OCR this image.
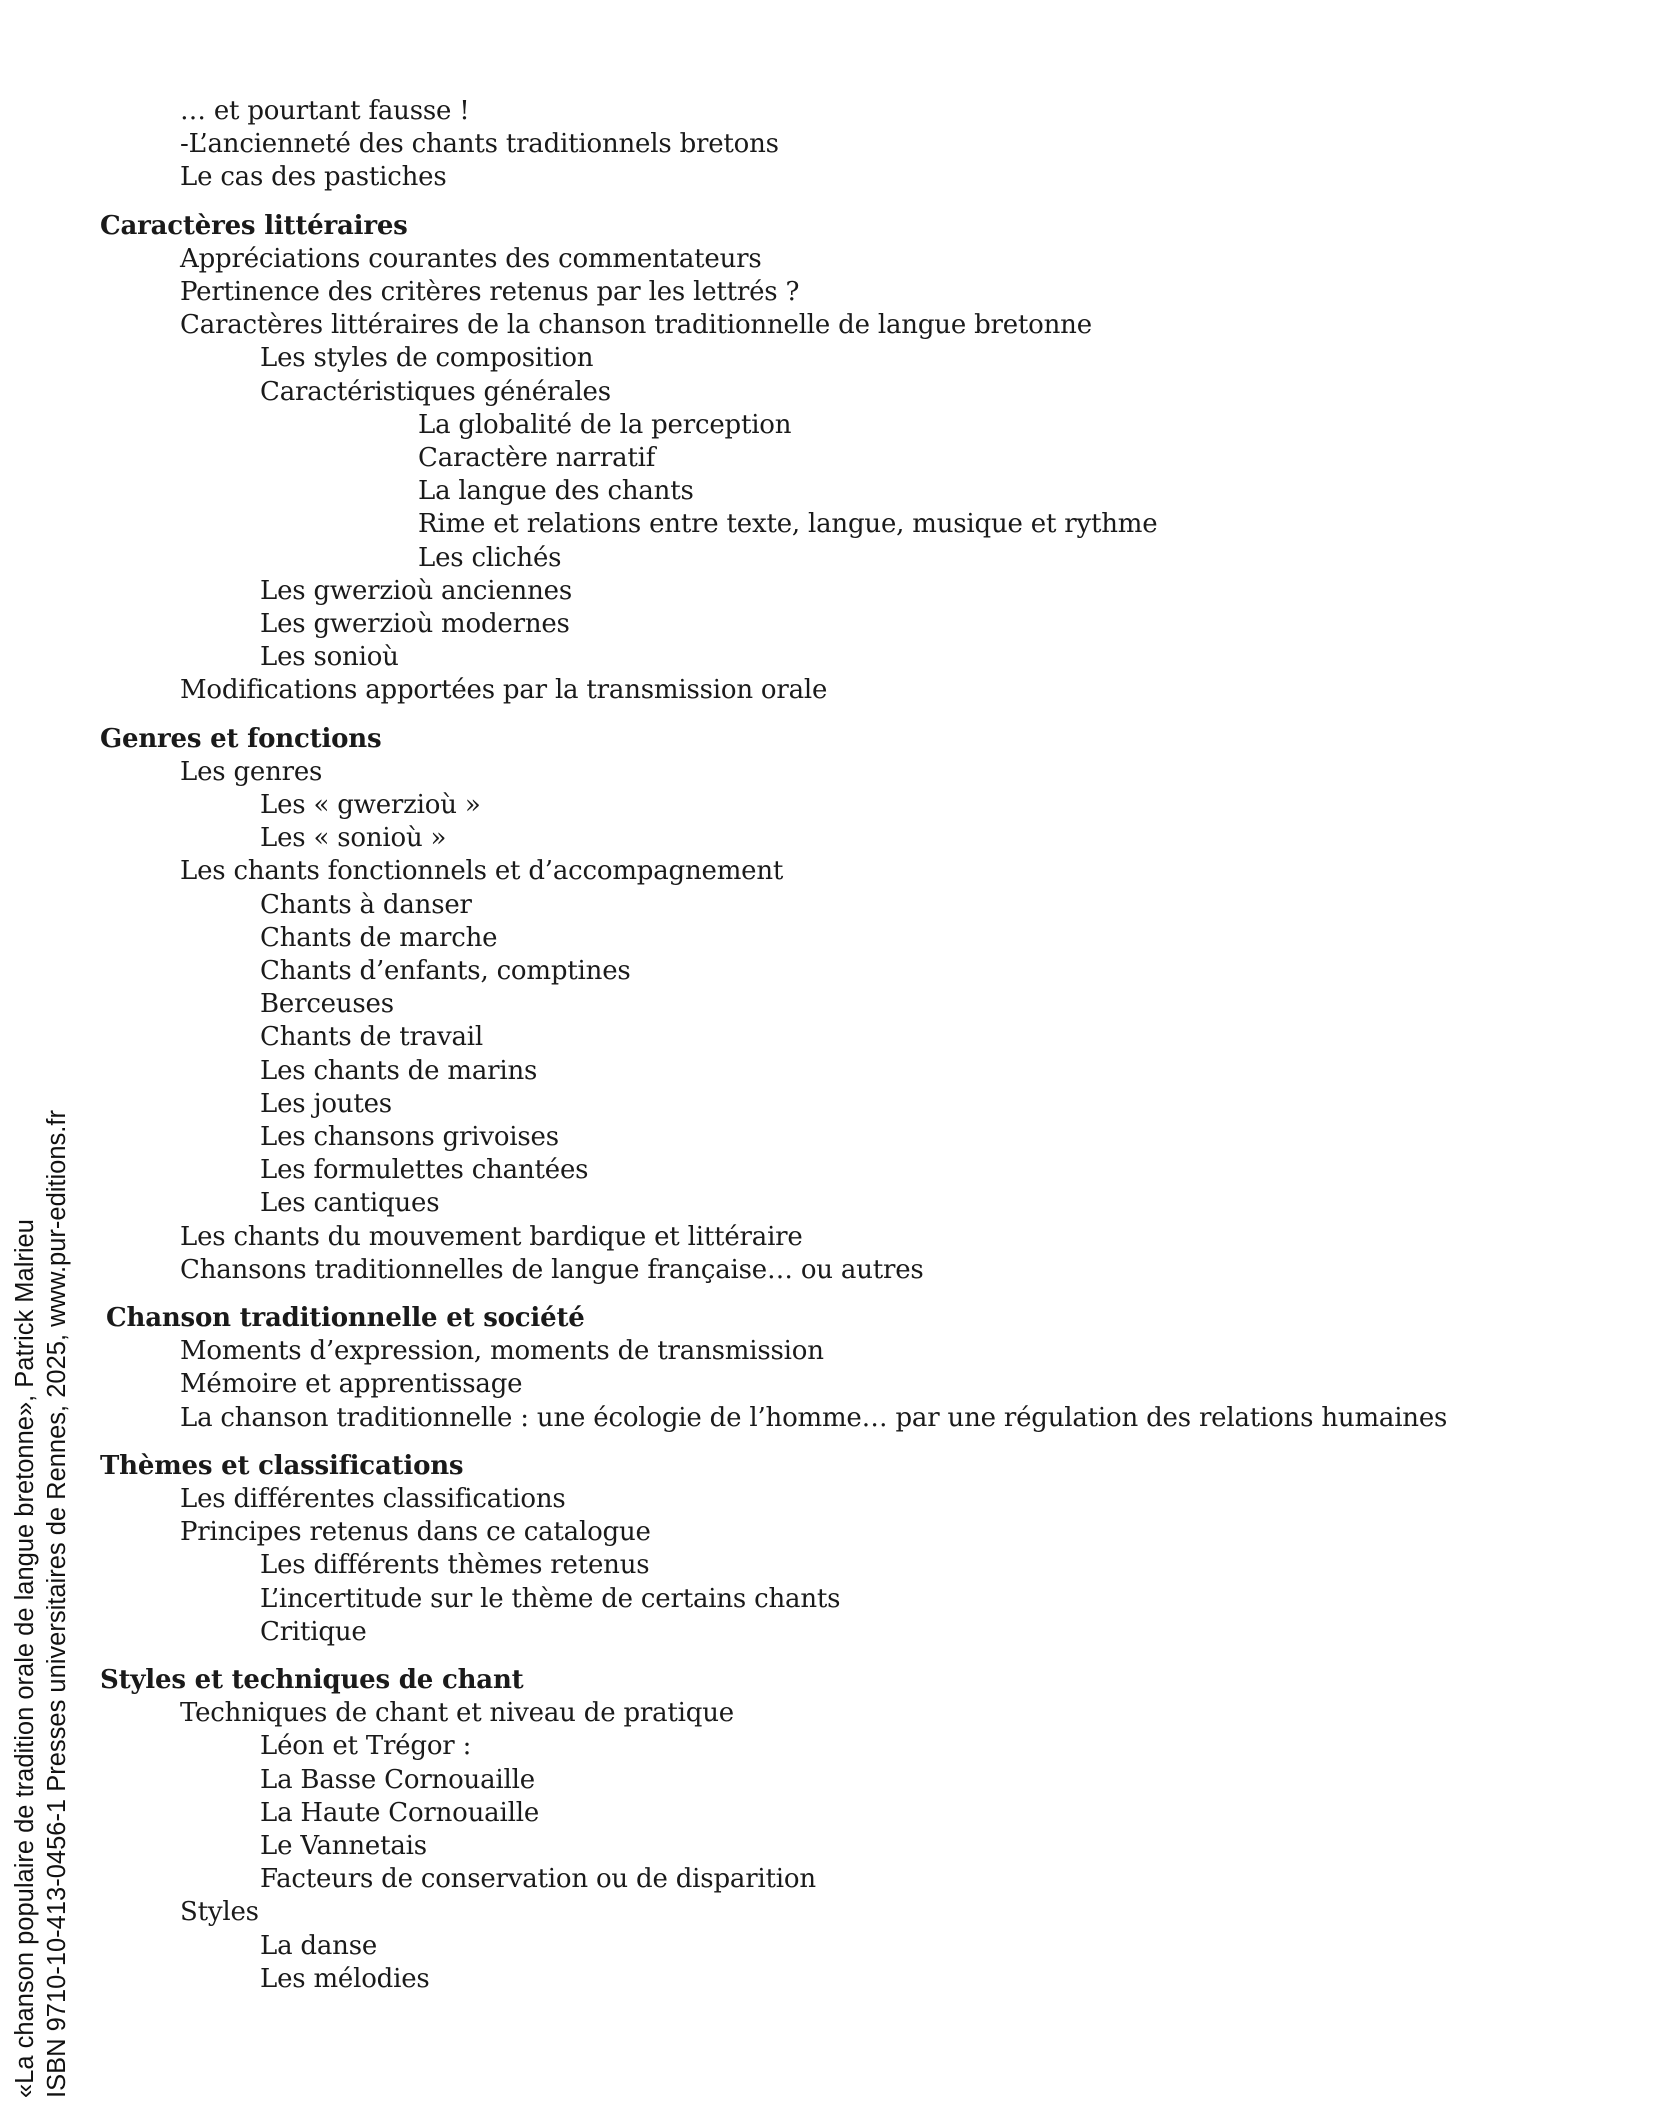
… et pourtant fausse !
-L’ancienneté des chants traditionnels bretons
Le cas des pastiches
Caractères littéraires
Appréciations courantes des commentateurs
Pertinence des critères retenus par les lettrés ?
Caractères littéraires de la chanson traditionnelle de langue bretonne
Les styles de composition
Caractéristiques générales
La globalité de la perception
Caractère narratif
La langue des chants
Rime et relations entre texte, langue, musique et rythme
Les clichés
Les gwerzioù anciennes
Les gwerzioù modernes
Les sonioù
Modifications apportées par la transmission orale
Genres et fonctions
Les genres
Les « gwerzioù »
Les « sonioù »
Les chants fonctionnels et d’accompagnement
Chants à danser
Chants de marche
Chants d’enfants, comptines
Berceuses
Chants de travail
Les chants de marins
Les joutes
Les chansons grivoises
Les formulettes chantées
Les cantiques
Les chants du mouvement bardique et littéraire
Chansons traditionnelles de langue française… ou autres
Chanson traditionnelle et société
Moments d’expression, moments de transmission
Mémoire et apprentissage
La chanson traditionnelle : une écologie de l’homme… par une régulation des relations humaines
Thèmes et classifications
Les différentes classifications
Principes retenus dans ce catalogue
Les différents thèmes retenus
L’incertitude sur le thème de certains chants
Critique
Styles et techniques de chant
Techniques de chant et niveau de pratique
Léon et Trégor :
La Basse Cornouaille
La Haute Cornouaille
Le Vannetais
Facteurs de conservation ou de disparition
Styles
La danse
Les mélodies
«La chanson populaire de tradition orale de langue bretonne», Patrick Malrieu ISBN 9710-10-413-0456-1 Presses universitaires de Rennes, 2025, www.pur-editions.fr
